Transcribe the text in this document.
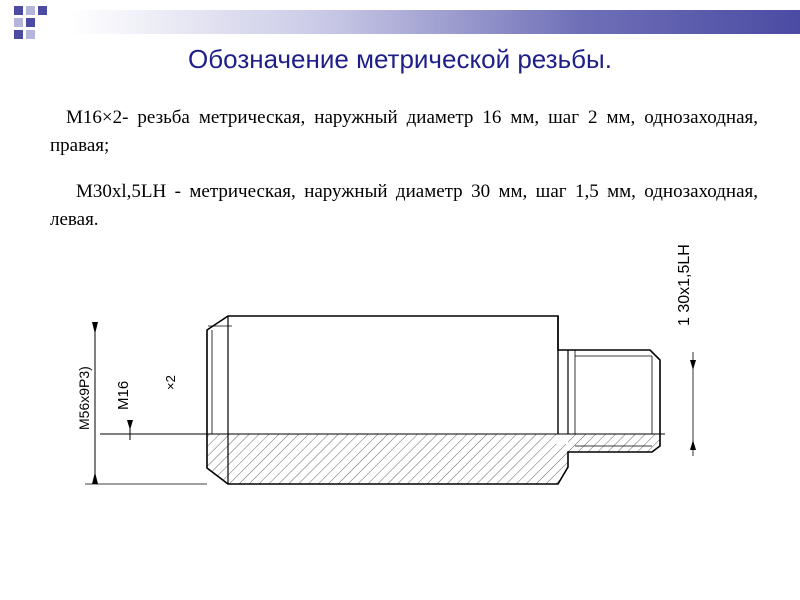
Обозначение метрической резьбы.
M16×2- резьба метрическая, наружный диаметр 16 мм, шаг 2 мм, однозаходная, правая;
M30xl,5LH - метрическая, наружный диаметр 30 мм, шаг 1,5 мм, однозаходная, левая.
M56x9P3) M16 ×2
1 30x1,5LH
